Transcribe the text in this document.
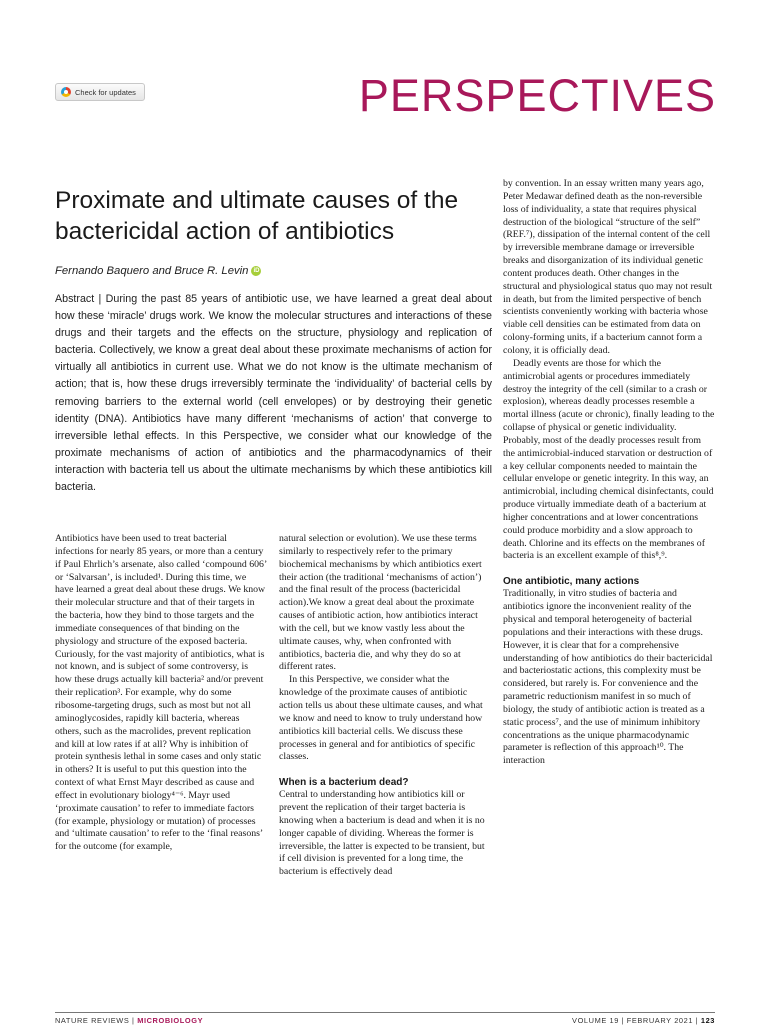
Check for updates	PERSPECTIVES
Proximate and ultimate causes of the bactericidal action of antibiotics
Fernando Baquero and Bruce R. Levin iD

Abstract | During the past 85 years of antibiotic use, we have learned a great deal about how these ‘miracle’ drugs work. We know the molecular structures and interactions of these drugs and their targets and the effects on the structure, physiology and replication of bacteria. Collectively, we know a great deal about these proximate mechanisms of action for virtually all antibiotics in current use. What we do not know is the ultimate mechanism of action; that is, how these drugs irreversibly terminate the ‘individuality’ of bacterial cells by removing barriers to the external world (cell envelopes) or by destroying their genetic identity (DNA). Antibiotics have many different ‘mechanisms of action’ that converge to irreversible lethal effects. In this Perspective, we consider what our knowledge of the proximate mechanisms of action of antibiotics and the pharmacodynamics of their interaction with bacteria tell us about the ultimate mechanisms by which these antibiotics kill bacteria.

Antibiotics have been used to treat bacterial infections for nearly 85 years, or more than a century if Paul Ehrlich’s arsenate, also called ‘compound 606’ or ‘Salvarsan’, is included¹. During this time, we have learned a great deal about these drugs. We know their molecular structure and that of their targets in the bacteria, how they bind to those targets and the immediate consequences of that binding on the physiology and structure of the exposed bacteria. Curiously, for the vast majority of antibiotics, what is not known, and is subject of some controversy, is how these drugs actually kill bacteria² and/or prevent their replication³. For example, why do some ribosome-targeting drugs, such as most but not all aminoglycosides, rapidly kill bacteria, whereas others, such as the macrolides, prevent replication and kill at low rates if at all? Why is inhibition of protein synthesis lethal in some cases and only static in others? It is useful to put this question into the context of what Ernst Mayr described as cause and effect in evolutionary biology⁴⁻⁶. Mayr used ‘proximate causation’ to refer to immediate factors (for example, physiology or mutation) of processes and ‘ultimate causation’ to refer to the ‘final reasons’ for the outcome (for example,

natural selection or evolution). We use these terms similarly to respectively refer to the primary biochemical mechanisms by which antibiotics exert their action (the traditional ‘mechanisms of action’) and the final result of the process (bactericidal action).We know a great deal about the proximate causes of antibiotic action, how antibiotics interact with the cell, but we know vastly less about the ultimate causes, why, when confronted with antibiotics, bacteria die, and why they do so at different rates.

In this Perspective, we consider what the knowledge of the proximate causes of antibiotic action tells us about these ultimate causes, and what we know and need to know to truly understand how antibiotics kill bacterial cells. We discuss these processes in general and for antibiotics of specific classes.

When is a bacterium dead?

Central to understanding how antibiotics kill or prevent the replication of their target bacteria is knowing when a bacterium is dead and when it is no longer capable of dividing. Whereas the former is irreversible, the latter is expected to be transient, but if cell division is prevented for a long time, the bacterium is effectively dead

by convention. In an essay written many years ago, Peter Medawar defined death as the non-reversible loss of individuality, a state that requires physical destruction of the biological “structure of the self” (REF.⁷), dissipation of the internal content of the cell by irreversible membrane damage or irreversible breaks and disorganization of its individual genetic content produces death. Other changes in the structural and physiological status quo may not result in death, but from the limited perspective of bench scientists conveniently working with bacteria whose viable cell densities can be estimated from data on colony-forming units, if a bacterium cannot form a colony, it is officially dead.

Deadly events are those for which the antimicrobial agents or procedures immediately destroy the integrity of the cell (similar to a crash or explosion), whereas deadly processes resemble a mortal illness (acute or chronic), finally leading to the collapse of physical or genetic individuality. Probably, most of the deadly processes result from the antimicrobial-induced starvation or destruction of a key cellular components needed to maintain the cellular envelope or genetic integrity. In this way, an antimicrobial, including chemical disinfectants, could produce virtually immediate death of a bacterium at higher concentrations and at lower concentrations could produce morbidity and a slow approach to death. Chlorine and its effects on the membranes of bacteria is an excellent example of this⁸,⁹.

One antibiotic, many actions

Traditionally, in vitro studies of bacteria and antibiotics ignore the inconvenient reality of the physical and temporal heterogeneity of bacterial populations and their interactions with these drugs. However, it is clear that for a comprehensive understanding of how antibiotics do their bactericidal and bacteriostatic actions, this complexity must be considered, but rarely is. For convenience and the parametric reductionism manifest in so much of biology, the study of antibiotic action is treated as a static process⁷, and the use of minimum inhibitory concentrations as the unique pharmacodynamic parameter is reflection of this approach¹⁰. The interaction

NATURE REVIEWS | MICROBIOLOGY	VOLUME 19 | FEBRUARY 2021 | 123
